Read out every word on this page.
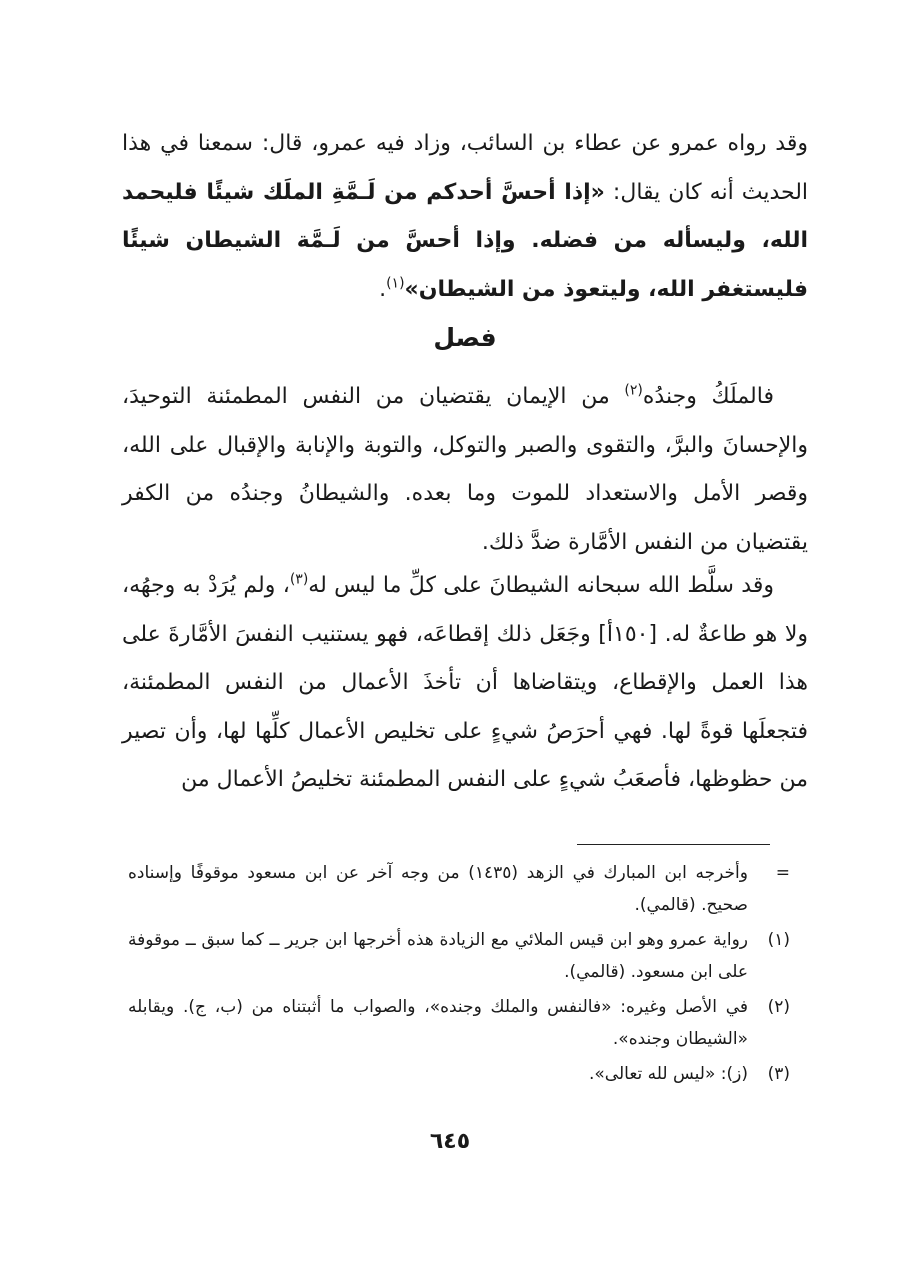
وقد رواه عمرو عن عطاء بن السائب، وزاد فيه عمرو، قال: سمعنا في هذا الحديث أنه كان يقال: «إذا أحسَّ أحدكم من لَـمَّةِ الملَك شيئًا فليحمد الله، وليسأله من فضله. وإذا أحسَّ من لَـمَّة الشيطان شيئًا فليستغفر الله، وليتعوذ من الشيطان»$^{(١)}$.
فصل
فالملَكُ وجندُه$^{(٢)}$ من الإيمان يقتضيان من النفس المطمئنة التوحيدَ، والإحسانَ والبرَّ، والتقوى والصبر والتوكل، والتوبة والإنابة والإقبال على الله، وقصر الأمل والاستعداد للموت وما بعده. والشيطانُ وجندُه من الكفر يقتضيان من النفس الأمَّارة ضدَّ ذلك.
وقد سلَّط الله سبحانه الشيطانَ على كلِّ ما ليس له$^{(٣)}$، ولم يُرَدْ به وجهُه، ولا هو طاعةٌ له. [١٥٠أ] وجَعَل ذلك إقطاعَه، فهو يستنيب النفسَ الأمَّارةَ على هذا العمل والإقطاع، ويتقاضاها أن تأخذَ الأعمال من النفس المطمئنة، فتجعلَها قوةً لها. فهي أحرَصُ شيءٍ على تخليص الأعمال كلِّها لها، وأن تصير من حظوظها، فأصعَبُ شيءٍ على النفس المطمئنة تخليصُ الأعمال من
=
وأخرجه ابن المبارك في الزهد (١٤٣٥) من وجه آخر عن ابن مسعود موقوفًا وإسناده صحيح. (قالمي).
(١)
رواية عمرو وهو ابن قيس الملائي مع الزيادة هذه أخرجها ابن جرير ــ كما سبق ــ موقوفة على ابن مسعود. (قالمي).
(٢)
في الأصل وغيره: «فالنفس والملك وجنده»، والصواب ما أثبتناه من (ب، ج). ويقابله «الشيطان وجنده».
(٣)
(ز): «ليس لله تعالى».
٦٤٥
